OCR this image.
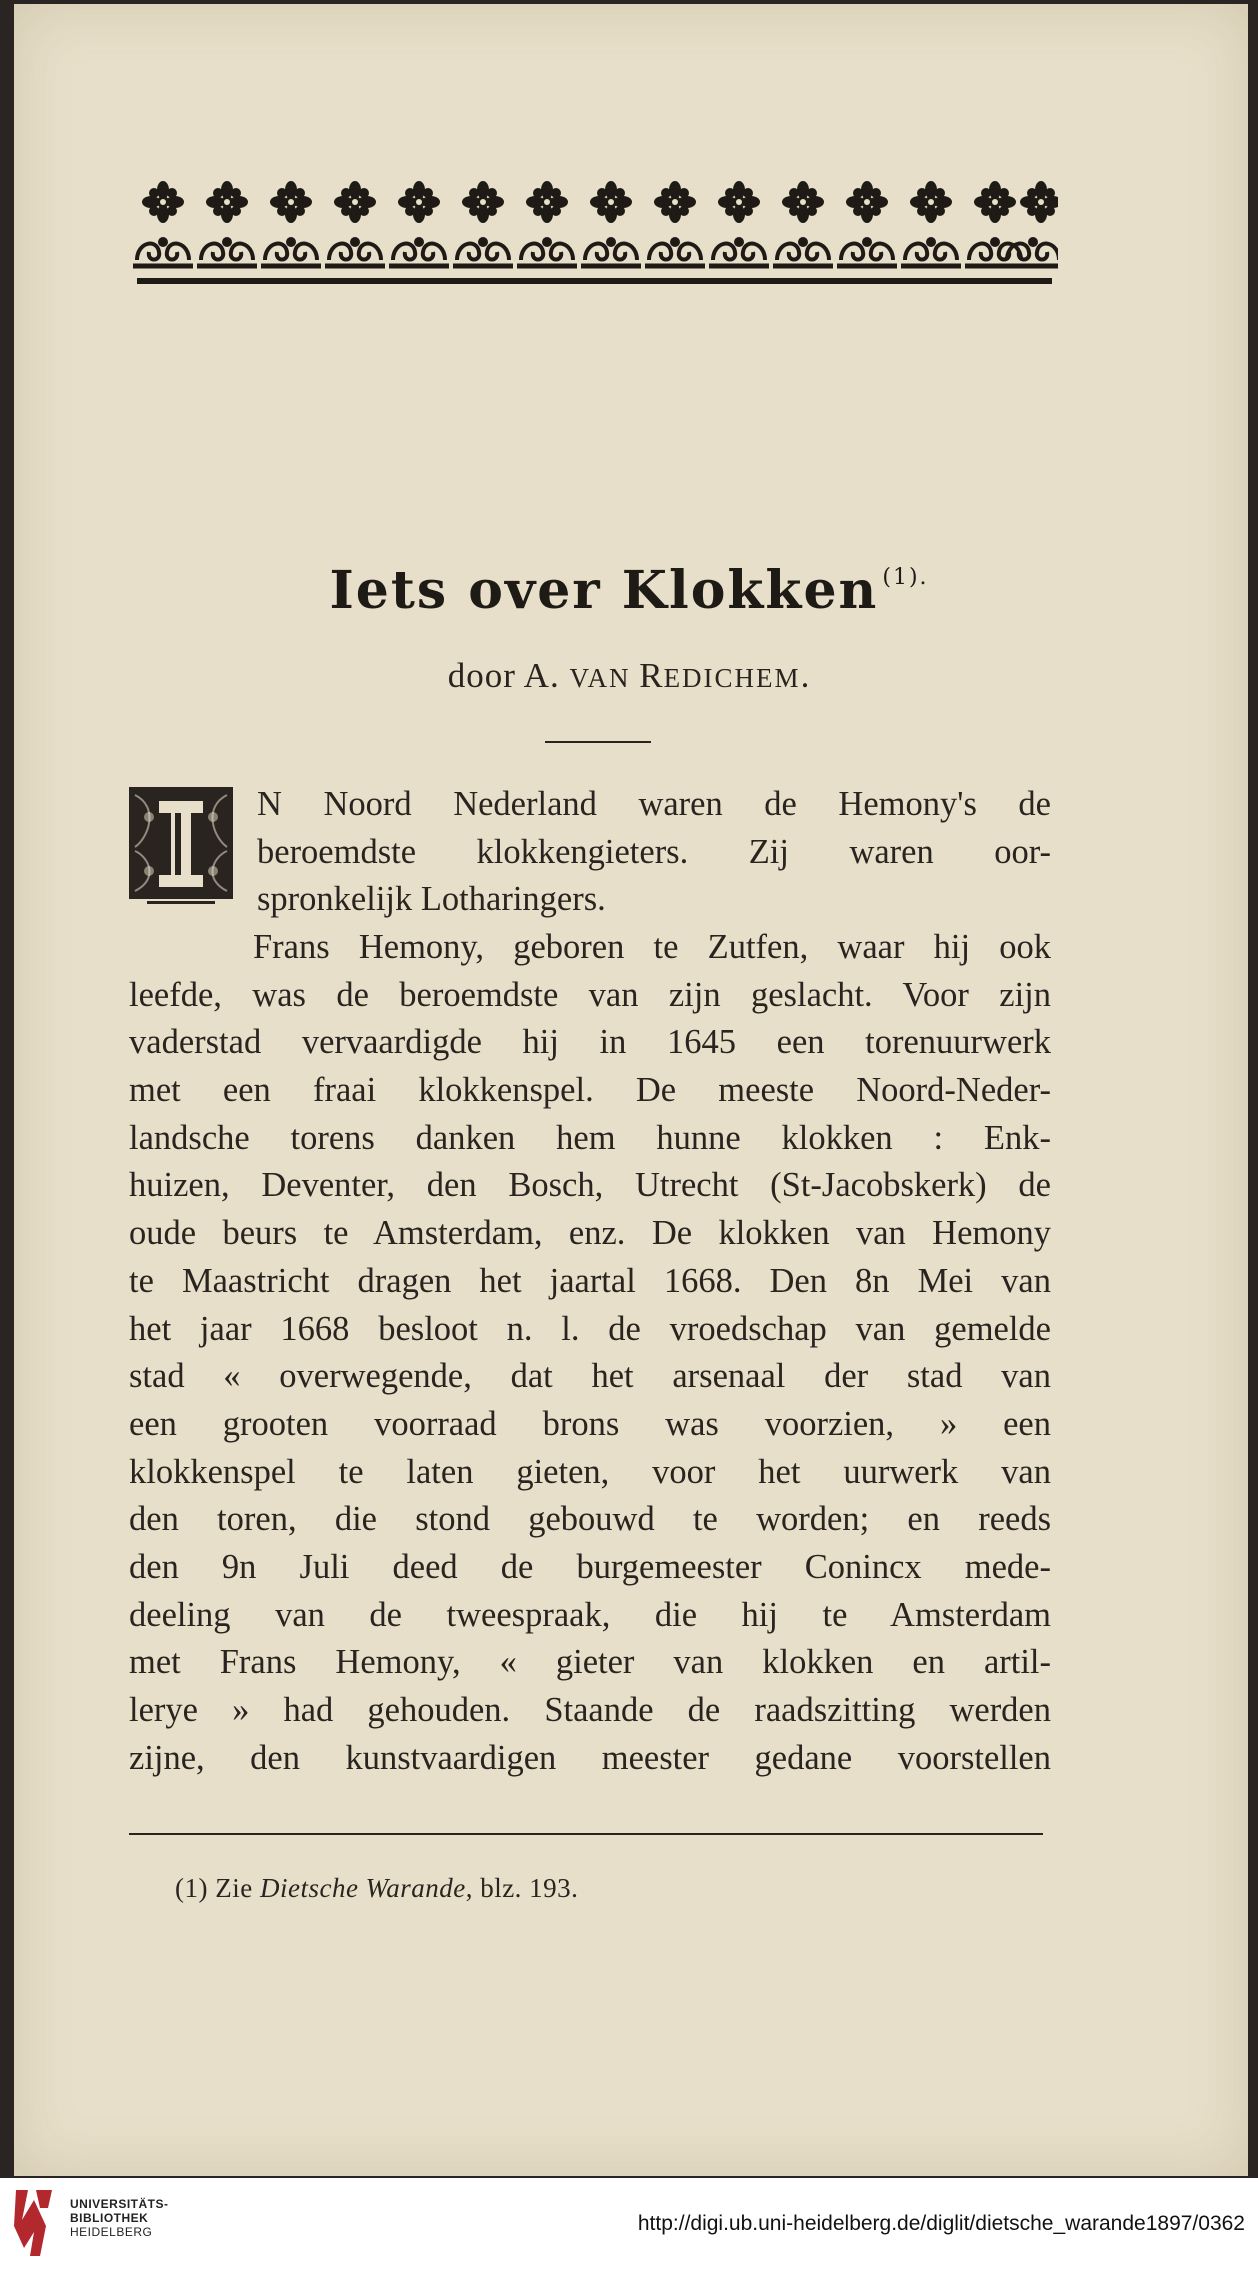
Iets over Klokken $^{(1).}$
door A. VAN REDICHEM.
N Noord Nederland waren de Hemony's de
beroemdste klokkengieters. Zij waren oor-
spronkelijk Lotharingers.
Frans Hemony, geboren te Zutfen, waar hij ook
leefde, was de beroemdste van zijn geslacht. Voor zijn
vaderstad vervaardigde hij in 1645 een torenuurwerk
met een fraai klokkenspel. De meeste Noord-Neder-
landsche torens danken hem hunne klokken : Enk-
huizen, Deventer, den Bosch, Utrecht (St-Jacobskerk) de
oude beurs te Amsterdam, enz. De klokken van Hemony
te Maastricht dragen het jaartal 1668. Den 8n Mei van
het jaar 1668 besloot n. l. de vroedschap van gemelde
stad « overwegende, dat het arsenaal der stad van
een grooten voorraad brons was voorzien, » een
klokkenspel te laten gieten, voor het uurwerk van
den toren, die stond gebouwd te worden; en reeds
den 9n Juli deed de burgemeester Conincx mede-
deeling van de tweespraak, die hij te Amsterdam
met Frans Hemony, « gieter van klokken en artil-
lerye » had gehouden. Staande de raadszitting werden
zijne, den kunstvaardigen meester gedane voorstellen
(1) Zie Dietsche Warande, blz. 193.
UNIVERSITÄTS-
BIBLIOTHEK
HEIDELBERG	http://digi.ub.uni-heidelberg.de/diglit/dietsche_warande1897/0362
